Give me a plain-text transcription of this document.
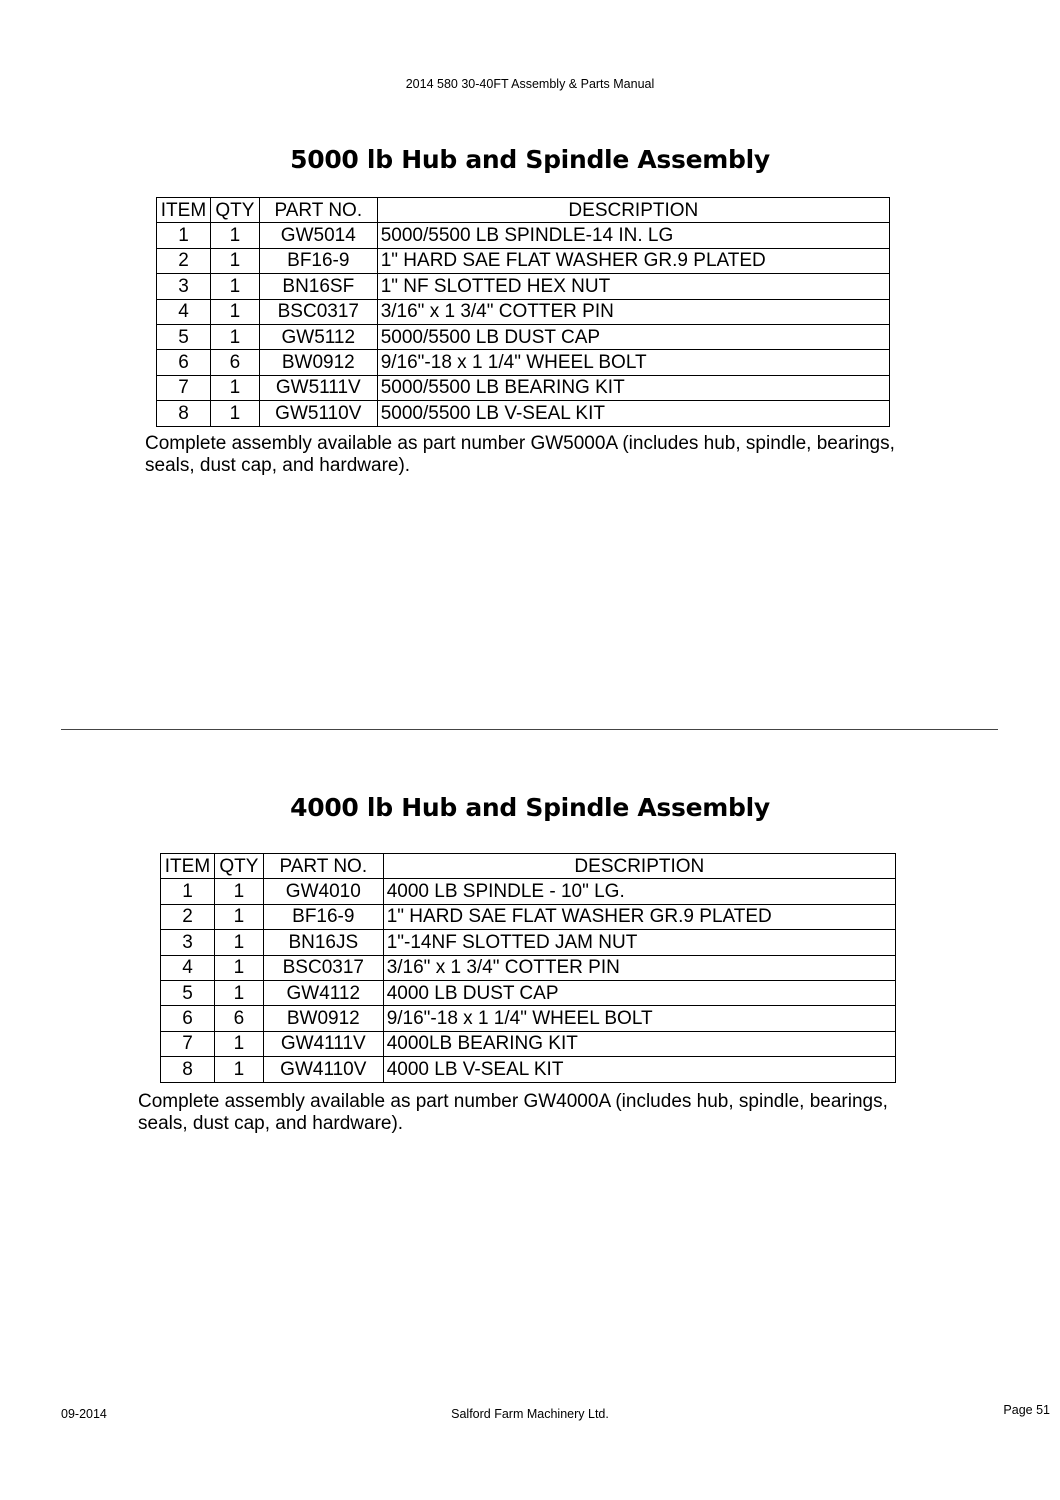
2014 580 30-40FT Assembly & Parts Manual
5000 lb Hub and Spindle Assembly
ITEM	QTY	PART NO.	DESCRIPTION
1	1	GW5014	5000/5500 LB SPINDLE-14 IN. LG
2	1	BF16-9	1" HARD SAE FLAT WASHER GR.9 PLATED
3	1	BN16SF	1" NF SLOTTED HEX NUT
4	1	BSC0317	3/16" x 1 3/4" COTTER PIN
5	1	GW5112	5000/5500 LB DUST CAP
6	6	BW0912	9/16"-18 x 1 1/4" WHEEL BOLT
7	1	GW5111V	5000/5500 LB BEARING KIT
8	1	GW5110V	5000/5500 LB V-SEAL KIT
Complete assembly available as part number GW5000A (includes hub, spindle, bearings,
seals, dust cap, and hardware).
4000 lb Hub and Spindle Assembly
ITEM	QTY	PART NO.	DESCRIPTION
1	1	GW4010	4000 LB SPINDLE - 10" LG.
2	1	BF16-9	1" HARD SAE FLAT WASHER GR.9 PLATED
3	1	BN16JS	1"-14NF SLOTTED JAM NUT
4	1	BSC0317	3/16" x 1 3/4" COTTER PIN
5	1	GW4112	4000 LB DUST CAP
6	6	BW0912	9/16"-18 x 1 1/4" WHEEL BOLT
7	1	GW4111V	4000LB BEARING KIT
8	1	GW4110V	4000 LB V-SEAL KIT
Complete assembly available as part number GW4000A (includes hub, spindle, bearings,
seals, dust cap, and hardware).
09-2014	Salford Farm Machinery Ltd.	Page 51
